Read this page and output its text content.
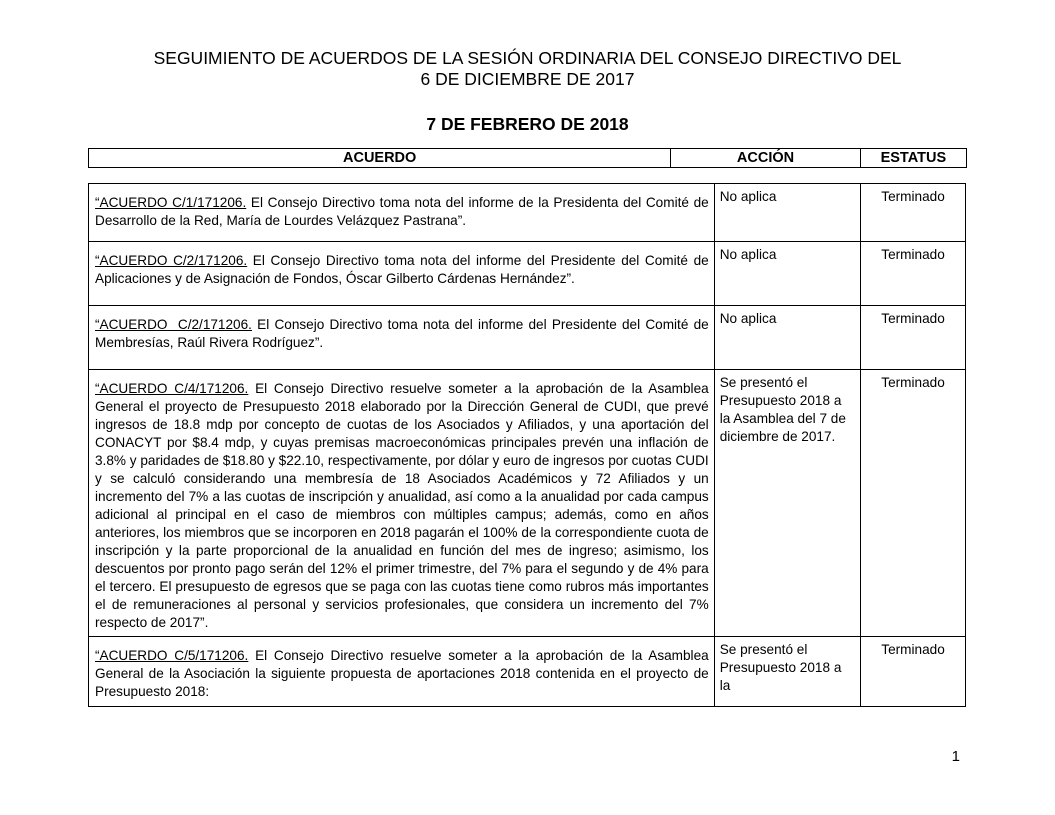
SEGUIMIENTO DE ACUERDOS DE LA SESIÓN ORDINARIA DEL CONSEJO DIRECTIVO DEL
6 DE DICIEMBRE DE 2017
7 DE FEBRERO DE 2018
ACUERDO	ACCIÓN	ESTATUS
“ACUERDO C/1/171206. El Consejo Directivo toma nota del informe de la Presidenta del Comité de Desarrollo de la Red, María de Lourdes Velázquez Pastrana”.	No aplica	Terminado
“ACUERDO C/2/171206. El Consejo Directivo toma nota del informe del Presidente del Comité de Aplicaciones y de Asignación de Fondos, Óscar Gilberto Cárdenas Hernández”.	No aplica	Terminado
“ACUERDO  C/2/171206. El Consejo Directivo toma nota del informe del Presidente del Comité de Membresías, Raúl Rivera Rodríguez”.	No aplica	Terminado
“ACUERDO C/4/171206. El Consejo Directivo resuelve someter a la aprobación de la Asamblea General el proyecto de Presupuesto 2018 elaborado por la Dirección General de CUDI, que prevé ingresos de 18.8 mdp por concepto de cuotas de los Asociados y Afiliados, y una aportación del CONACYT por $8.4 mdp, y cuyas premisas macroeconómicas principales prevén una inflación de 3.8% y paridades de $18.80 y $22.10, respectivamente, por dólar y euro de ingresos por cuotas CUDI y se calculó considerando una membresía de 18 Asociados Académicos y 72 Afiliados y un incremento del 7% a las cuotas de inscripción y anualidad, así como a la anualidad por cada campus adicional al principal en el caso de miembros con múltiples campus; además, como en años anteriores, los miembros que se incorporen en 2018 pagarán el 100% de la correspondiente cuota de inscripción y la parte proporcional de la anualidad en función del mes de ingreso; asimismo, los descuentos por pronto pago serán del 12% el primer trimestre, del 7% para el segundo y de 4% para el tercero. El presupuesto de egresos que se paga con las cuotas tiene como rubros más importantes el de remuneraciones al personal y servicios profesionales, que considera un incremento del 7% respecto de 2017”.	Se presentó el Presupuesto 2018 a la Asamblea del 7 de diciembre de 2017.	Terminado
“ACUERDO C/5/171206. El Consejo Directivo resuelve someter a la aprobación de la Asamblea General de la Asociación la siguiente propuesta de aportaciones 2018 contenida en el proyecto de Presupuesto 2018:	Se presentó el Presupuesto 2018 a la	Terminado
1
